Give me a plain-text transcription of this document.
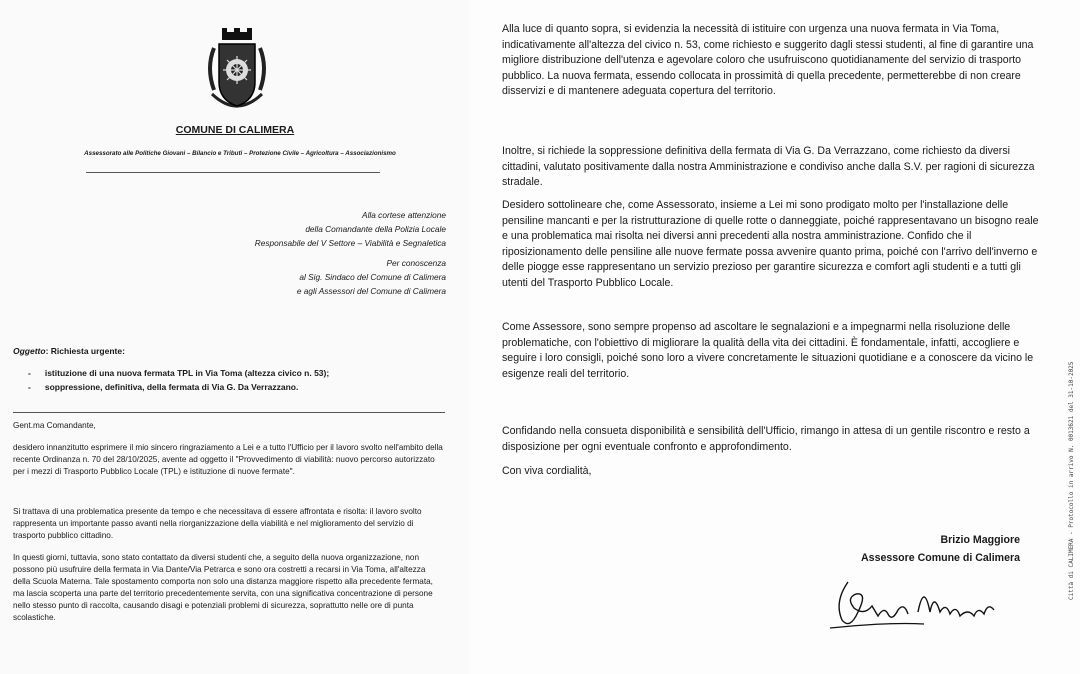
COMUNE DI CALIMERA
Assessorato alle Politiche Giovani – Bilancio e Tributi – Protezione Civile – Agricoltura – Associazionismo
Alla cortese attenzione
della Comandante della Polizia Locale
Responsabile del V Settore – Viabilità e Segnaletica
Per conoscenza
al Sig. Sindaco del Comune di Calimera
e agli Assessori del Comune di Calimera
Oggetto: Richiesta urgente:
- istituzione di una nuova fermata TPL in Via Toma (altezza civico n. 53);
- soppressione, definitiva, della fermata di Via G. Da Verrazzano.

Gent.ma Comandante,

desidero innanzitutto esprimere il mio sincero ringraziamento a Lei e a tutto l'Ufficio per il lavoro svolto nell'ambito della recente Ordinanza n. 70 del 28/10/2025, avente ad oggetto il "Provvedimento di viabilità: nuovo percorso autorizzato per i mezzi di Trasporto Pubblico Locale (TPL) e istituzione di nuove fermate".

Si trattava di una problematica presente da tempo e che necessitava di essere affrontata e risolta: il lavoro svolto rappresenta un importante passo avanti nella riorganizzazione della viabilità e nel miglioramento del servizio di trasporto pubblico cittadino.

In questi giorni, tuttavia, sono stato contattato da diversi studenti che, a seguito della nuova organizzazione, non possono più usufruire della fermata in Via Dante/Via Petrarca e sono ora costretti a recarsi in Via Toma, all'altezza della Scuola Materna. Tale spostamento comporta non solo una distanza maggiore rispetto alla precedente fermata, ma lascia scoperta una parte del territorio precedentemente servita, con una significativa concentrazione di persone nello stesso punto di raccolta, causando disagi e potenziali problemi di sicurezza, soprattutto nelle ore di punta scolastiche.

Alla luce di quanto sopra, si evidenzia la necessità di istituire con urgenza una nuova fermata in Via Toma, indicativamente all'altezza del civico n. 53, come richiesto e suggerito dagli stessi studenti, al fine di garantire una migliore distribuzione dell'utenza e agevolare coloro che usufruiscono quotidianamente del servizio di trasporto pubblico. La nuova fermata, essendo collocata in prossimità di quella precedente, permetterebbe di non creare disservizi e di mantenere adeguata copertura del territorio.

Inoltre, si richiede la soppressione definitiva della fermata di Via G. Da Verrazzano, come richiesto da diversi cittadini, valutato positivamente dalla nostra Amministrazione e condiviso anche dalla S.V. per ragioni di sicurezza stradale.

Desidero sottolineare che, come Assessorato, insieme a Lei mi sono prodigato molto per l'installazione delle pensiline mancanti e per la ristrutturazione di quelle rotte o danneggiate, poiché rappresentavano un bisogno reale e una problematica mai risolta nei diversi anni precedenti alla nostra amministrazione. Confido che il riposizionamento delle pensiline alle nuove fermate possa avvenire quanto prima, poiché con l'arrivo dell'inverno e delle piogge esse rappresentano un servizio prezioso per garantire sicurezza e comfort agli studenti e a tutti gli utenti del Trasporto Pubblico Locale.

Come Assessore, sono sempre propenso ad ascoltare le segnalazioni e a impegnarmi nella risoluzione delle problematiche, con l'obiettivo di migliorare la qualità della vita dei cittadini. È fondamentale, infatti, accogliere e seguire i loro consigli, poiché sono loro a vivere concretamente le situazioni quotidiane e a conoscere da vicino le esigenze reali del territorio.

Confidando nella consueta disponibilità e sensibilità dell'Ufficio, rimango in attesa di un gentile riscontro e resto a disposizione per ogni eventuale confronto e approfondimento.

Con viva cordialità,

Brizio Maggiore
Assessore Comune di Calimera	Città di CALIMERA - Protocollo in arrivo N. 0013621 del 31-10-2025
